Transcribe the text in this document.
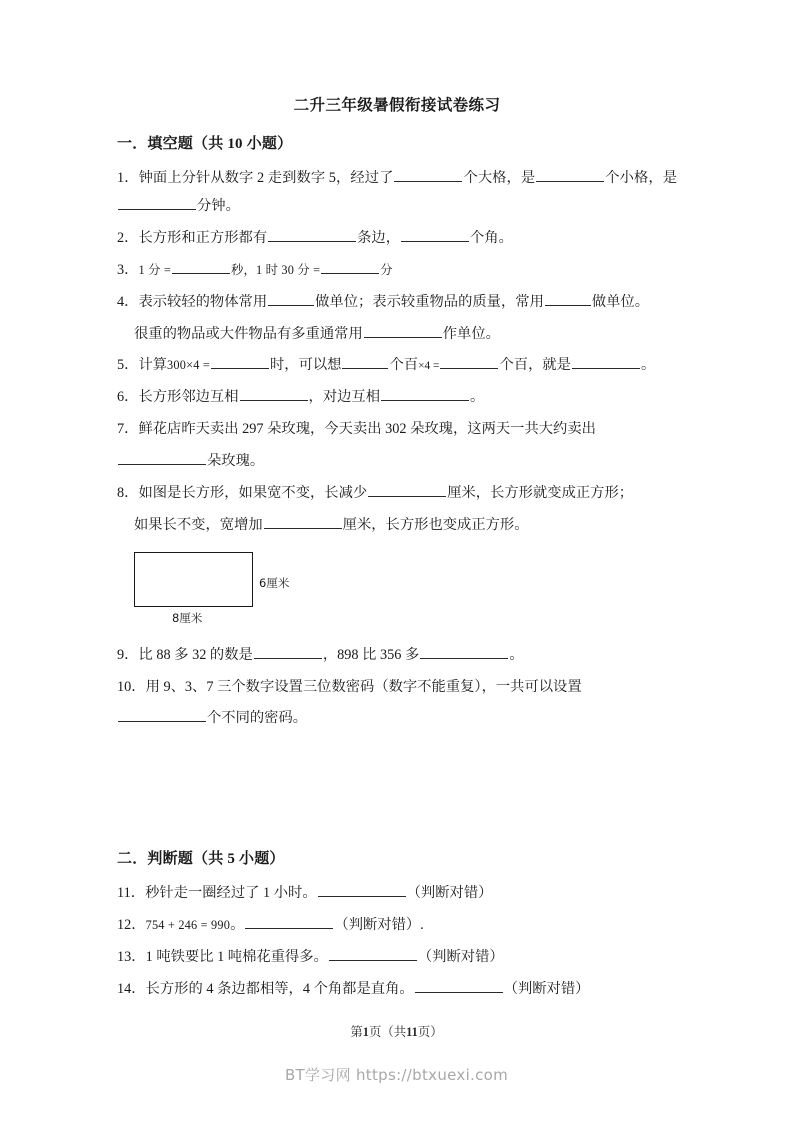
二升三年级暑假衔接试卷练习
一．填空题（共 10 小题）
1．钟面上分针从数字 2 走到数字 5，经过了	个大格，是	个小格，是分钟。
2．长方形和正方形都有	条边，	个角。
3．1 分 =	秒，1 时 30 分 =	分
4．表示较轻的物体常用	做单位；表示较重物品的质量，常用	做单位。
很重的物品或大件物品有多重通常用	作单位。
5．计算300×4 =	时，可以想	个百×4 =	个百，就是	。
6．长方形邻边互相	，对边互相	。
7．鲜花店昨天卖出 297 朵玫瑰，今天卖出 302 朵玫瑰，这两天一共大约卖出
朵玫瑰。
8．如图是长方形，如果宽不变，长减少	厘米，长方形就变成正方形；
如果长不变，宽增加	厘米，长方形也变成正方形。
6厘米
8厘米
9．比 88 多 32 的数是	，898 比 356 多	。
10．用 9、3、7 三个数字设置三位数密码（数字不能重复），一共可以设置
个不同的密码。
二．判断题（共 5 小题）
11．秒针走一圈经过了 1 小时。	（判断对错）
12．754 + 246 = 990。	（判断对错）.
13．1 吨铁要比 1 吨棉花重得多。	（判断对错）
14．长方形的 4 条边都相等，4 个角都是直角。	（判断对错）
第1页（共11页）
BT学习网 https://btxuexi.com
